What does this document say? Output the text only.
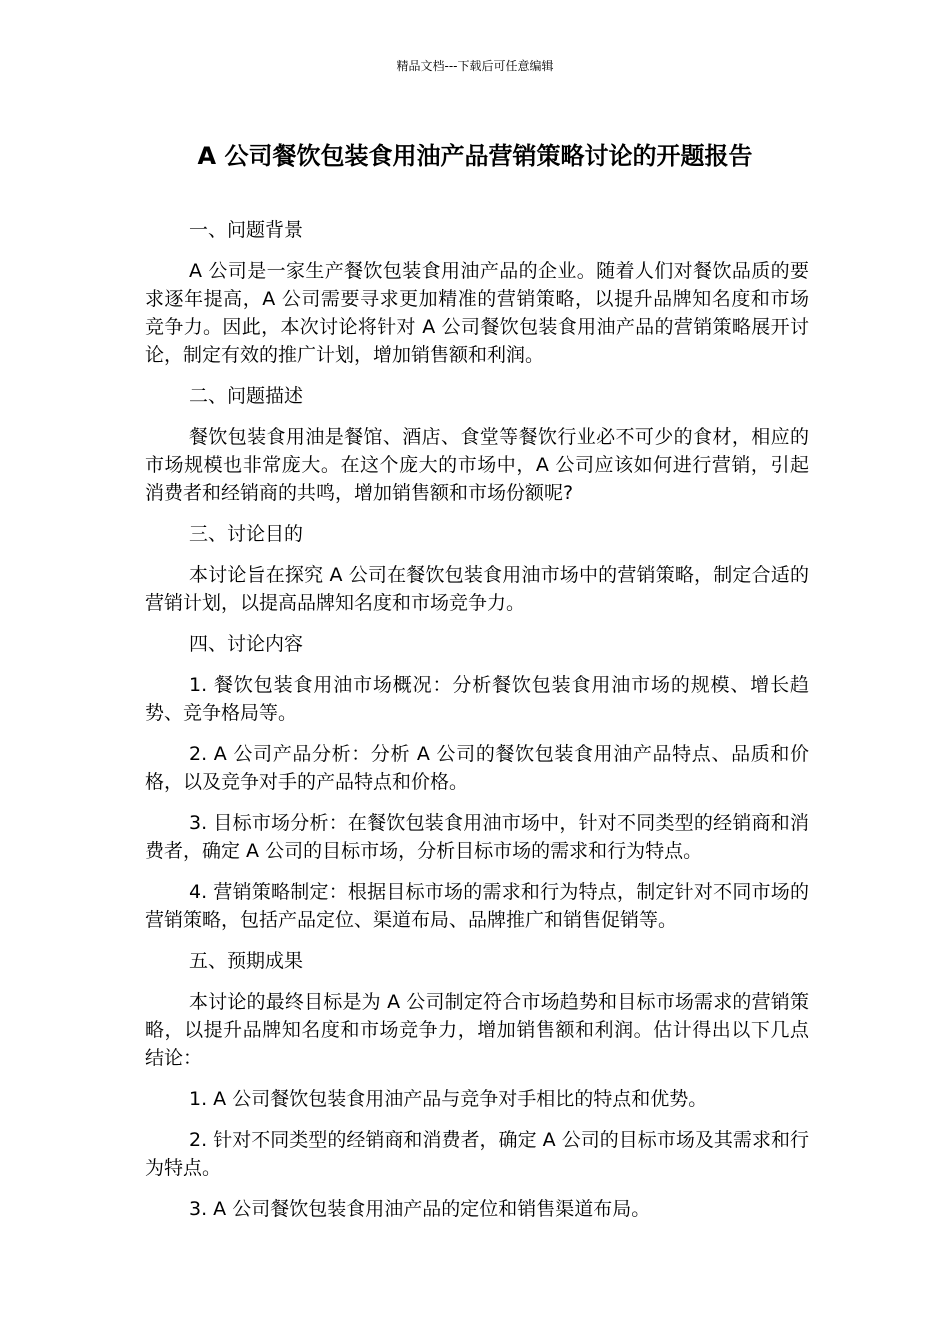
精品文档---下载后可任意编辑
A 公司餐饮包装食用油产品营销策略讨论的开题报告

一、问题背景

A 公司是一家生产餐饮包装食用油产品的企业。随着人们对餐饮品质的要求逐年提高，A 公司需要寻求更加精准的营销策略，以提升品牌知名度和市场竞争力。因此，本次讨论将针对 A 公司餐饮包装食用油产品的营销策略展开讨论，制定有效的推广计划，增加销售额和利润。

二、问题描述

餐饮包装食用油是餐馆、酒店、食堂等餐饮行业必不可少的食材，相应的市场规模也非常庞大。在这个庞大的市场中，A 公司应该如何进行营销，引起消费者和经销商的共鸣，增加销售额和市场份额呢?

三、讨论目的

本讨论旨在探究 A 公司在餐饮包装食用油市场中的营销策略，制定合适的营销计划，以提高品牌知名度和市场竞争力。

四、讨论内容

1. 餐饮包装食用油市场概况：分析餐饮包装食用油市场的规模、增长趋势、竞争格局等。

2. A 公司产品分析：分析 A 公司的餐饮包装食用油产品特点、品质和价格，以及竞争对手的产品特点和价格。

3. 目标市场分析：在餐饮包装食用油市场中，针对不同类型的经销商和消费者，确定 A 公司的目标市场，分析目标市场的需求和行为特点。

4. 营销策略制定：根据目标市场的需求和行为特点，制定针对不同市场的营销策略，包括产品定位、渠道布局、品牌推广和销售促销等。

五、预期成果

本讨论的最终目标是为 A 公司制定符合市场趋势和目标市场需求的营销策略，以提升品牌知名度和市场竞争力，增加销售额和利润。估计得出以下几点结论：

1. A 公司餐饮包装食用油产品与竞争对手相比的特点和优势。

2. 针对不同类型的经销商和消费者，确定 A 公司的目标市场及其需求和行为特点。

3. A 公司餐饮包装食用油产品的定位和销售渠道布局。
